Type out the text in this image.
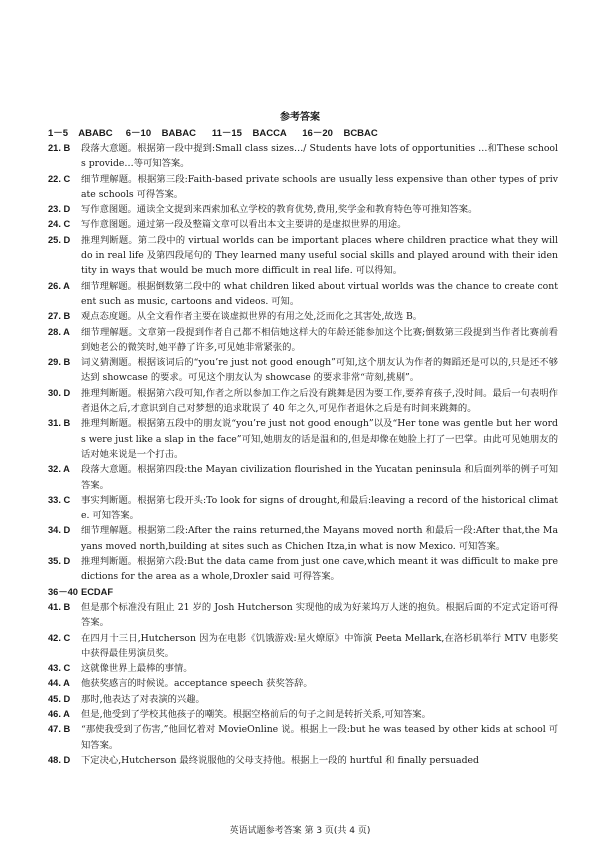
参考答案
1－5    ABABC     6－10    BABAC      11－15    BACCA      16－20    BCBAC
21. B	段落大意题。根据第一段中提到:Small class sizes…/ Students have lots of opportunities …和These schools provide…等可知答案。
22. C	细节理解题。根据第三段:Faith-based private schools are usually less expensive than other types of private schools 可得答案。
23. D	写作意图题。通读全文提到来西索加私立学校的教育优势,费用,奖学金和教育特色等可推知答案。
24. C	写作意图题。通过第一段及整篇文章可以看出本文主要讲的是虚拟世界的用途。
25. D	推理判断题。第二段中的 virtual worlds can be important places where children practice what they will do in real life 及第四段尾句的 They learned many useful social skills and played around with their identity in ways that would be much more difficult in real life. 可以得知。
26. A	细节理解题。根据倒数第二段中的 what children liked about virtual worlds was the chance to create content such as music, cartoons and videos. 可知。
27. B	观点态度题。从全文看作者主要在谈虚拟世界的有用之处,泛而化之其害处,故选 B。
28. A	细节理解题。文章第一段提到作者自己都不相信她这样大的年龄还能参加这个比赛;倒数第三段提到当作者比赛前看到她老公的微笑时,她平静了许多,可见她非常紧张的。
29. B	词义猜测题。根据该词后的“you’re just not good enough”可知,这个朋友认为作者的舞蹈还是可以的,只是还不够达到 showcase 的要求。可见这个朋友认为 showcase 的要求非常“苛刻,挑剔”。
30. D	推理判断题。根据第六段可知,作者之所以参加工作之后没有跳舞是因为要工作,要养育孩子,没时间。最后一句表明作者退休之后,才意识到自己对梦想的追求耽误了 40 年之久,可见作者退休之后是有时间来跳舞的。
31. B	推理判断题。根据第五段中的朋友说“you’re just not good enough”以及“Her tone was gentle but her words were just like a slap in the face”可知,她朋友的话是温和的,但是却像在她脸上打了一巴掌。由此可见她朋友的话对她来说是一个打击。
32. A	段落大意题。根据第四段:the Mayan civilization flourished in the Yucatan peninsula 和后面列举的例子可知答案。
33. C	事实判断题。根据第七段开头:To look for signs of drought,和最后:leaving a record of the historical climate. 可知答案。
34. D	细节理解题。根据第二段:After the rains returned,the Mayans moved north 和最后一段:After that,the Mayans moved north,building at sites such as Chichen Itza,in what is now Mexico. 可知答案。
35. D	推理判断题。根据第六段:But the data came from just one cave,which meant it was difficult to make predictions for the area as a whole,Droxler said 可得答案。
36－40 ECDAF
41. B	但是那个标准没有阻止 21 岁的 Josh Hutcherson 实现他的成为好莱坞万人迷的抱负。根据后面的不定式定语可得答案。
42. C	在四月十三日,Hutcherson 因为在电影《饥饿游戏:星火燎原》中饰演 Peeta Mellark,在洛杉矶举行 MTV 电影奖中获得最佳男演员奖。
43. C	这就像世界上最棒的事情。
44. A	他获奖感言的时候说。acceptance speech 获奖答辞。
45. D	那时,他表达了对表演的兴趣。
46. A	但是,他受到了学校其他孩子的嘲笑。根据空格前后的句子之间是转折关系,可知答案。
47. B	“那使我受到了伤害,”他回忆着对 MovieOnline 说。根据上一段:but he was teased by other kids at school 可知答案。
48. D	下定决心,Hutcherson 最终说服他的父母支持他。根据上一段的 hurtful 和 finally persuaded
英语试题参考答案 第 3 页(共 4 页)
